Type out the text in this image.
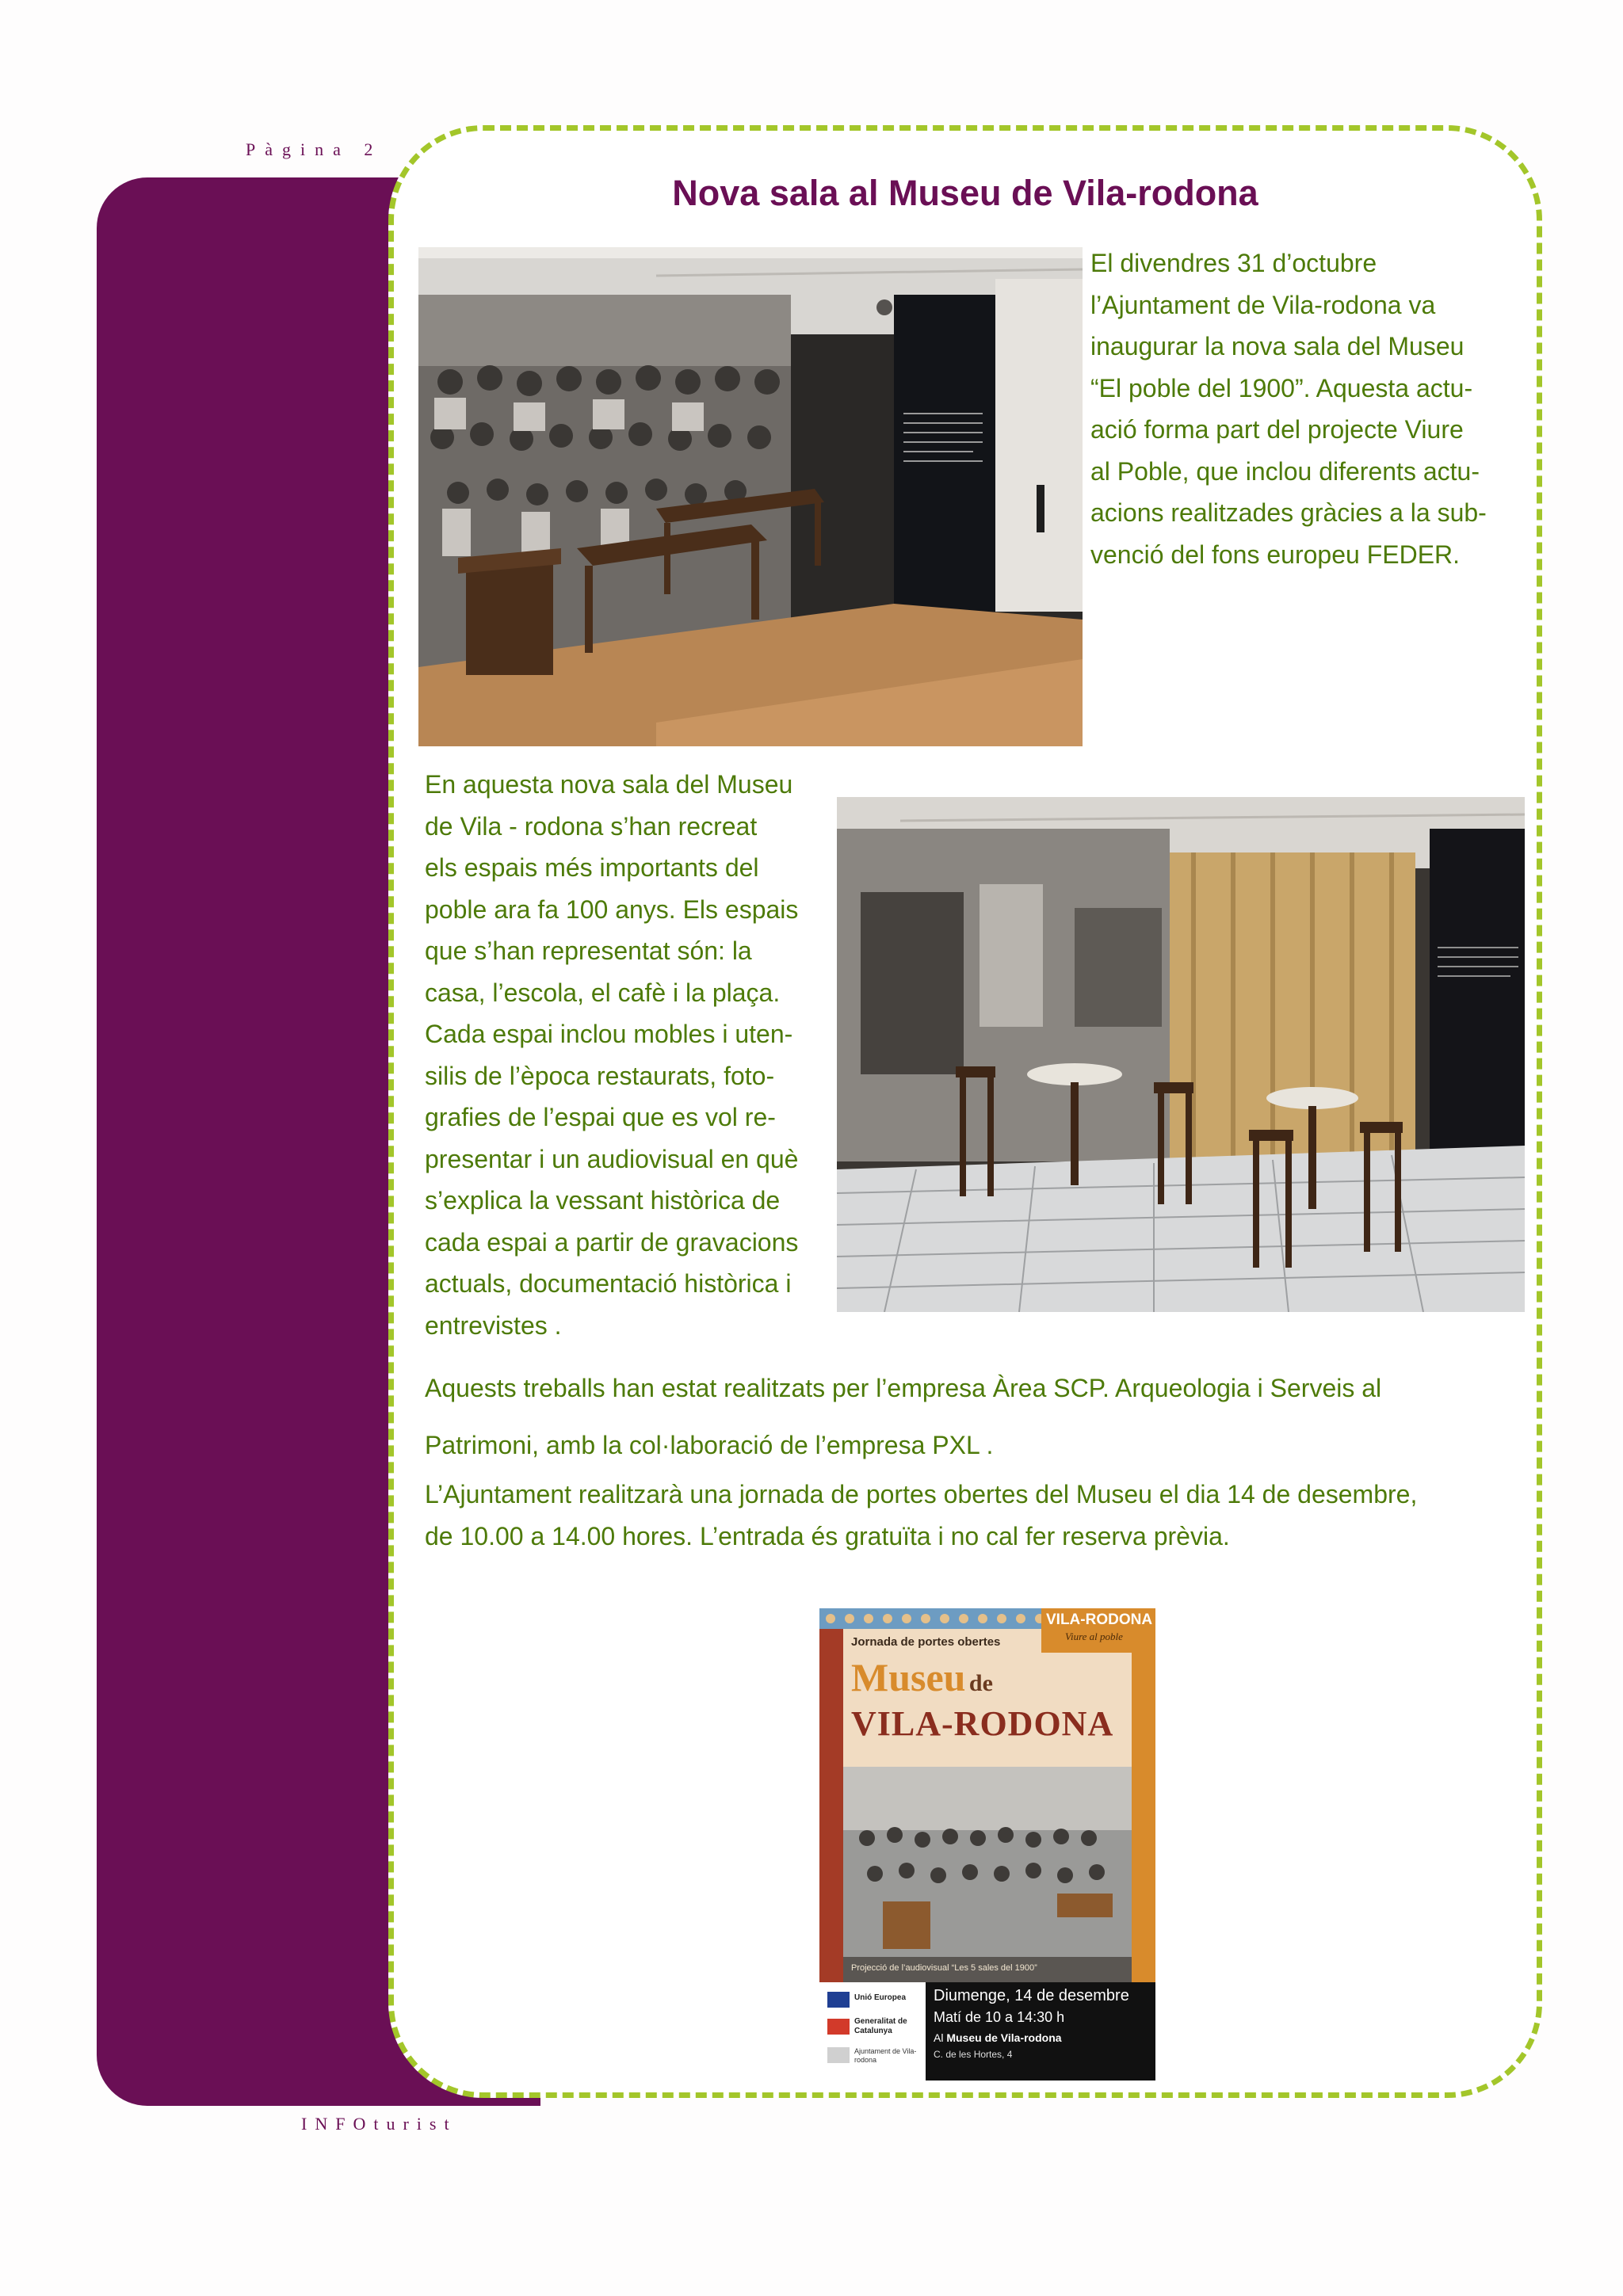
Pàgina 2
Nova sala al Museu de Vila-rodona
El divendres 31 d’octubre
l’Ajuntament de Vila-rodona va
inaugurar la nova sala del Museu
“El poble del 1900”. Aquesta actu-
ació forma part del projecte Viure
al Poble, que inclou diferents actu-
acions realitzades gràcies a la sub-
venció del fons europeu FEDER.
En aquesta nova sala del Museu
de Vila - rodona s’han recreat
els espais més importants del
poble ara fa 100 anys. Els espais
que s’han representat són: la
casa, l’escola, el cafè i la plaça.
Cada espai inclou mobles i uten-
silis de l’època restaurats, foto-
grafies de l’espai que es vol re-
presentar i un audiovisual en què
s’explica la vessant històrica de
cada espai a partir de gravacions
actuals, documentació històrica i
entrevistes .
Aquests treballs han estat realitzats per l’empresa Àrea SCP. Arqueologia i Serveis al
Patrimoni, amb la col·laboració de l’empresa PXL .
L’Ajuntament realitzarà una jornada de portes obertes del Museu el dia 14 de desembre,
de 10.00 a 14.00 hores. L’entrada és gratuïta i no cal fer reserva prèvia.
VILA-RODONA
Viure al poble
Jornada de portes obertes
Museu de
VILA-RODONA
Projecció de l’audiovisual “Les 5 sales del 1900”
Unió Europea
Generalitat de Catalunya
Ajuntament de Vila-rodona
Diumenge, 14 de desembre
Matí de 10 a 14:30 h
Al Museu de Vila-rodona
C. de les Hortes, 4
INFOturist
